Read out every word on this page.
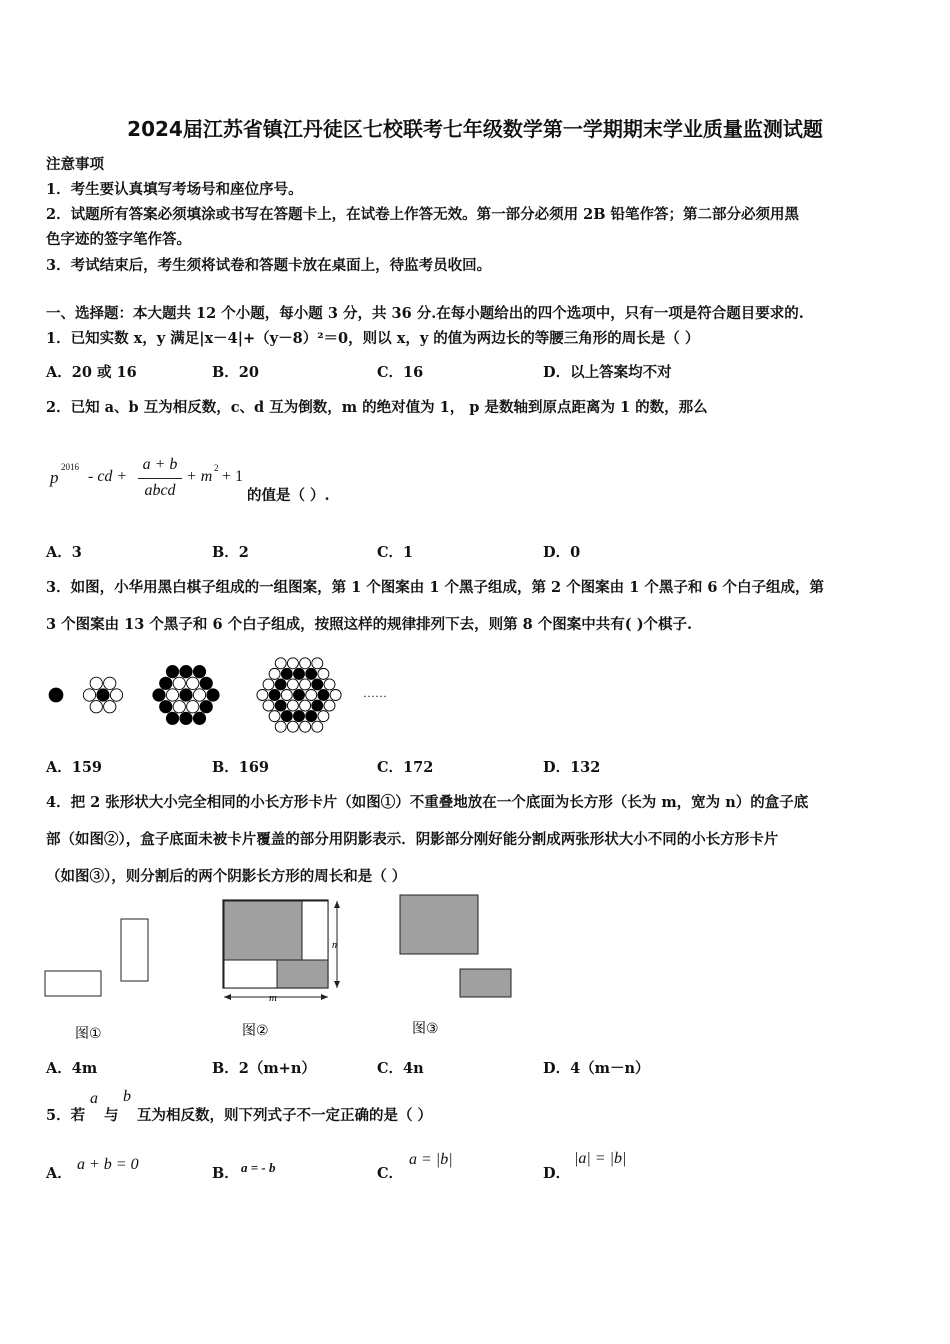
2024届江苏省镇江丹徒区七校联考七年级数学第一学期期末学业质量监测试题
注意事项
1．考生要认真填写考场号和座位序号。
2．试题所有答案必须填涂或书写在答题卡上，在试卷上作答无效。第一部分必须用 2B 铅笔作答；第二部分必须用黑
色字迹的签字笔作答。
3．考试结束后，考生须将试卷和答题卡放在桌面上，待监考员收回。
一、选择题：本大题共 12 个小题，每小题 3 分，共 36 分.在每小题给出的四个选项中，只有一项是符合题目要求的.
1．已知实数 x，y 满足|x－4|+（y－8）²＝0，则以 x，y 的值为两边长的等腰三角形的周长是（ ）
A．20 或 16	B．20	C．16	D．以上答案均不对
2．已知 a、b 互为相反数，c、d 互为倒数，m 的绝对值为 1， p 是数轴到原点距离为 1 的数，那么
p
2016
- cd +
a + b
abcd
+ m 2 + 1
的值是（ ）.
A．3	B．2	C．1	D．0
3．如图，小华用黑白棋子组成的一组图案，第 1 个图案由 1 个黑子组成，第 2 个图案由 1 个黑子和 6 个白子组成，第
3 个图案由 13 个黑子和 6 个白子组成，按照这样的规律排列下去，则第 8 个图案中共有( )个棋子.
……
A．159	B．169	C．172	D．132
4．把 2 张形状大小完全相同的小长方形卡片（如图①）不重叠地放在一个底面为长方形（长为 m，宽为 n）的盒子底
部（如图②），盒子底面未被卡片覆盖的部分用阴影表示．阴影部分刚好能分割成两张形状大小不同的小长方形卡片
（如图③），则分割后的两个阴影长方形的周长和是（ ）
图①
n
m
图②	图③
A．4m	B．2（m+n）	C．4n	D．4（m－n）
5．若
a
与
b
互为相反数，则下列式子不一定正确的是（ ）
A．
a + b = 0
B． a = - b	C．
a = |b|
D．
|a| = |b|
